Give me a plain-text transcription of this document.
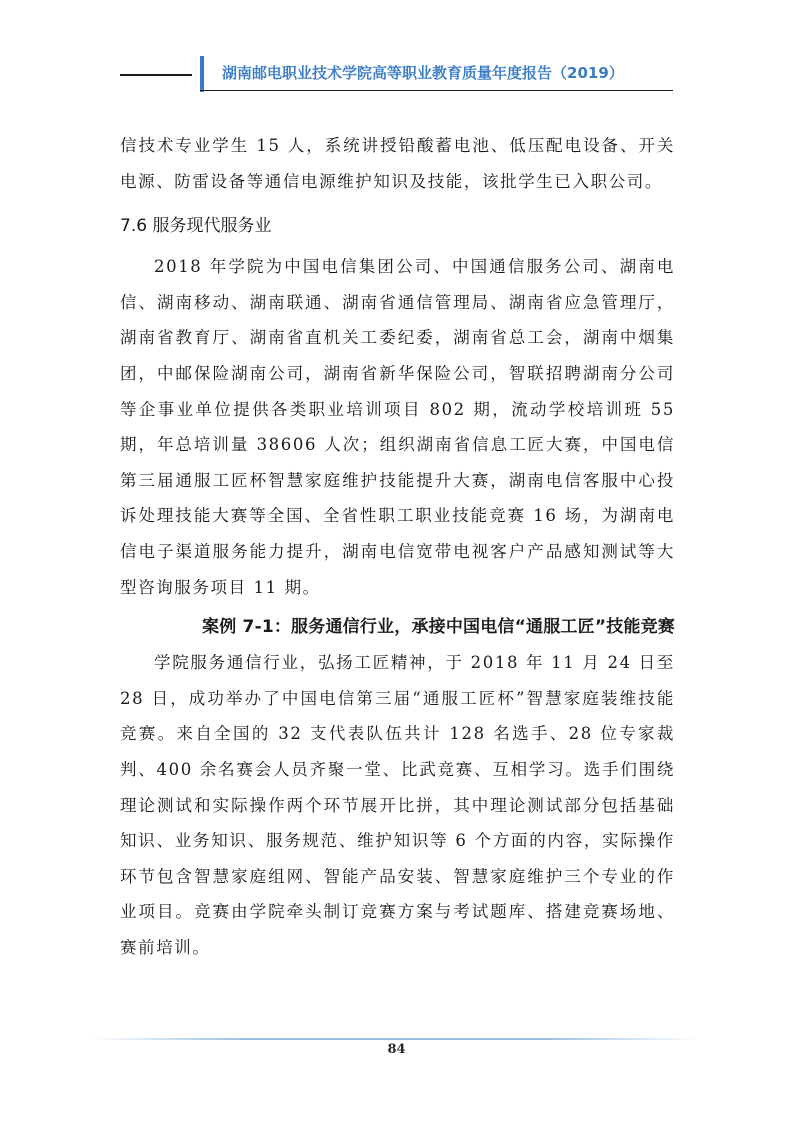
湖南邮电职业技术学院高等职业教育质量年度报告（2019）

信技术专业学生 15 人，系统讲授铅酸蓄电池、低压配电设备、开关电源、防雷设备等通信电源维护知识及技能，该批学生已入职公司。

7.6 服务现代服务业

2018 年学院为中国电信集团公司、中国通信服务公司、湖南电信、湖南移动、湖南联通、湖南省通信管理局、湖南省应急管理厅，湖南省教育厅、湖南省直机关工委纪委，湖南省总工会，湖南中烟集团，中邮保险湖南公司，湖南省新华保险公司，智联招聘湖南分公司等企事业单位提供各类职业培训项目 802 期，流动学校培训班 55 期，年总培训量 38606 人次；组织湖南省信息工匠大赛，中国电信第三届通服工匠杯智慧家庭维护技能提升大赛，湖南电信客服中心投诉处理技能大赛等全国、全省性职工职业技能竞赛 16 场，为湖南电信电子渠道服务能力提升，湖南电信宽带电视客户产品感知测试等大型咨询服务项目 11 期。

案例 7-1：服务通信行业，承接中国电信“通服工匠”技能竞赛

学院服务通信行业，弘扬工匠精神，于 2018 年 11 月 24 日至 28 日，成功举办了中国电信第三届“通服工匠杯”智慧家庭装维技能竞赛。来自全国的 32 支代表队伍共计 128 名选手、28 位专家裁判、400 余名赛会人员齐聚一堂、比武竞赛、互相学习。选手们围绕理论测试和实际操作两个环节展开比拼，其中理论测试部分包括基础知识、业务知识、服务规范、维护知识等 6 个方面的内容，实际操作环节包含智慧家庭组网、智能产品安装、智慧家庭维护三个专业的作业项目。竞赛由学院牵头制订竞赛方案与考试题库、搭建竞赛场地、赛前培训。

84
